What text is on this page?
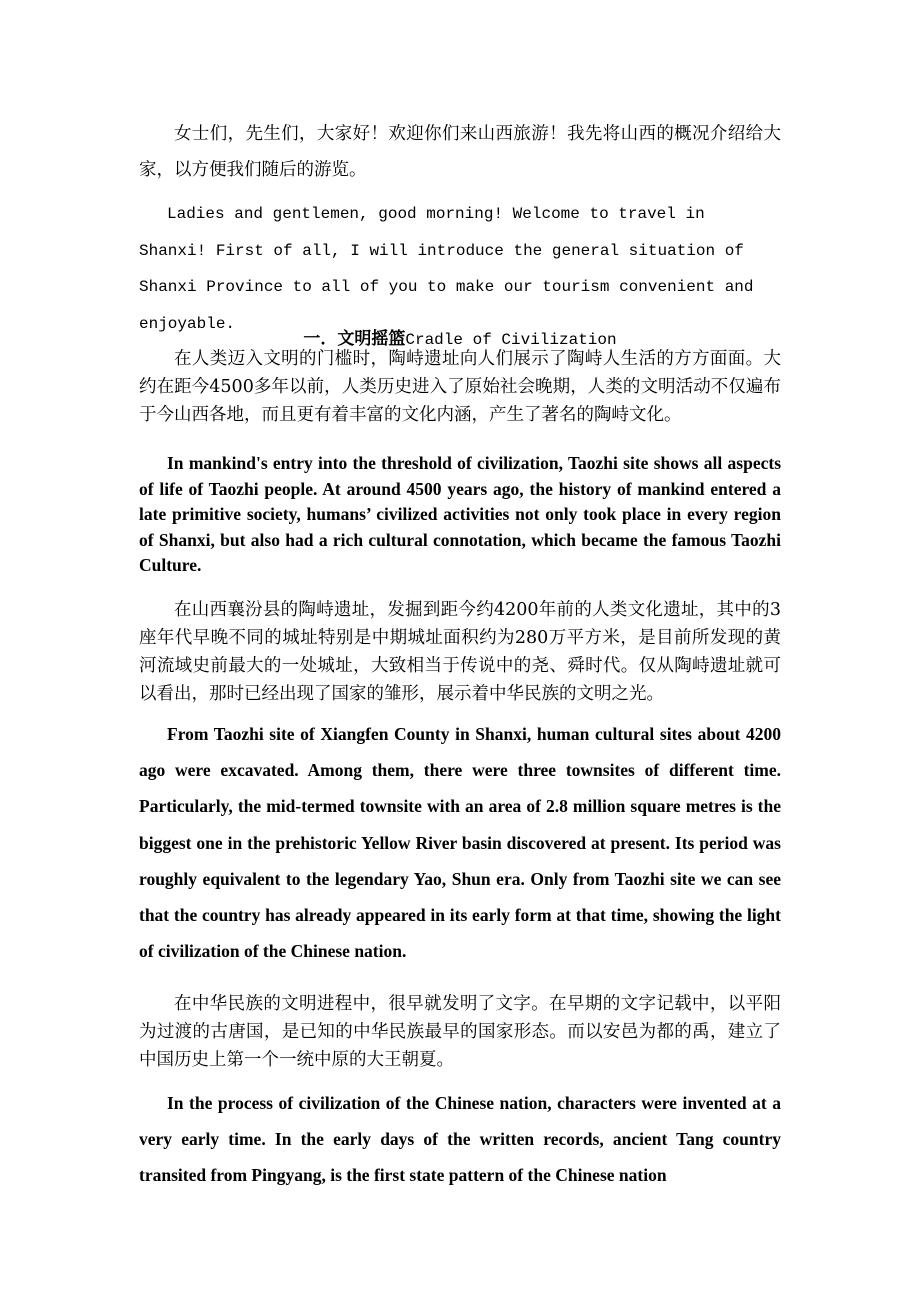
女士们，先生们，大家好！欢迎你们来山西旅游！我先将山西的概况介绍给大家，以方便我们随后的游览。

Ladies and gentlemen, good morning! Welcome to travel in Shanxi! First of all, I will introduce the general situation of Shanxi Province to all of you to make our tourism convenient and enjoyable.

一．文明摇篮Cradle of Civilization

在人类迈入文明的门槛时，陶峙遗址向人们展示了陶峙人生活的方方面面。大约在距今4500多年以前，人类历史进入了原始社会晚期，人类的文明活动不仅遍布于今山西各地，而且更有着丰富的文化内涵，产生了著名的陶峙文化。

In mankind's entry into the threshold of civilization, Taozhi site shows all aspects of life of Taozhi people. At around 4500 years ago, the history of mankind entered a late primitive society, humans’ civilized activities not only took place in every region of Shanxi, but also had a rich cultural connotation, which became the famous Taozhi Culture.

在山西襄汾县的陶峙遗址，发掘到距今约4200年前的人类文化遗址，其中的3座年代早晚不同的城址特别是中期城址面积约为280万平方米，是目前所发现的黄河流域史前最大的一处城址，大致相当于传说中的尧、舜时代。仅从陶峙遗址就可以看出，那时已经出现了国家的雏形，展示着中华民族的文明之光。

From Taozhi site of Xiangfen County in Shanxi, human cultural sites about 4200 ago were excavated. Among them, there were three townsites of different time. Particularly, the mid-termed townsite with an area of 2.8 million square metres is the biggest one in the prehistoric Yellow River basin discovered at present. Its period was roughly equivalent to the legendary Yao, Shun era. Only from Taozhi site we can see that the country has already appeared in its early form at that time, showing the light of civilization of the Chinese nation.

在中华民族的文明进程中，很早就发明了文字。在早期的文字记载中，以平阳为过渡的古唐国，是已知的中华民族最早的国家形态。而以安邑为都的禹，建立了中国历史上第一个一统中原的大王朝夏。

In the process of civilization of the Chinese nation, characters were invented at a very early time. In the early days of the written records, ancient Tang country transited from Pingyang, is the first state pattern of the Chinese nation
